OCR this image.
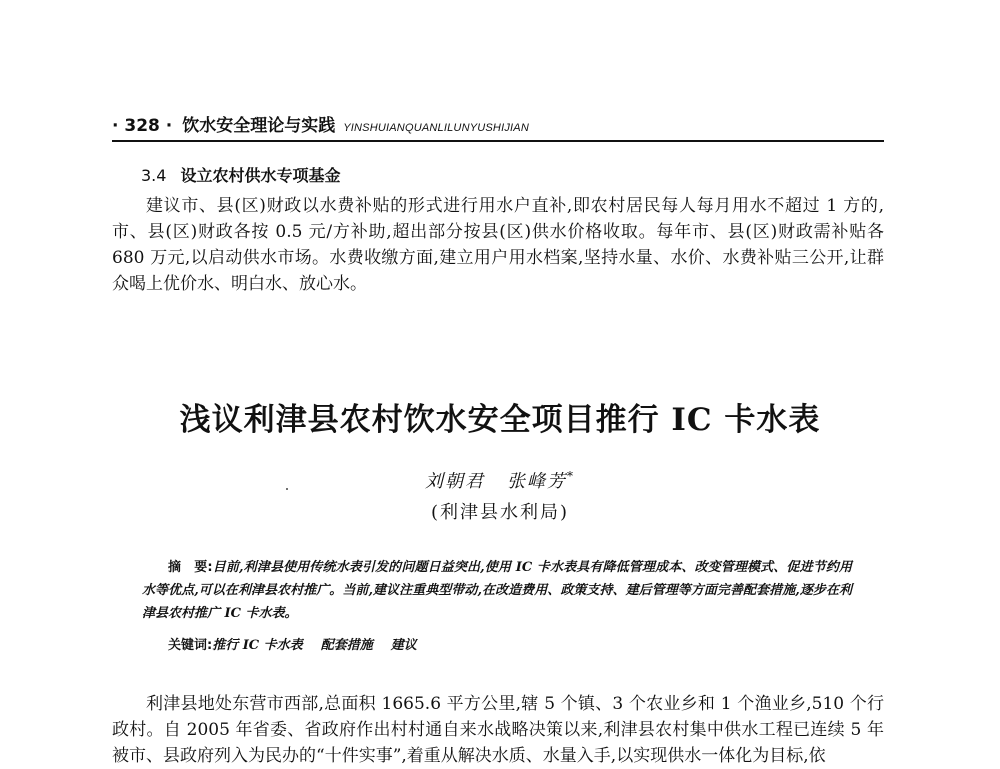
· 328 · 饮水安全理论与实践 YINSHUIANQUANLILUNYUSHIJIAN
3.4 设立农村供水专项基金

建议市、县(区)财政以水费补贴的形式进行用水户直补,即农村居民每人每月用水不超过 1 方的,市、县(区)财政各按 0.5 元/方补助,超出部分按县(区)供水价格收取。每年市、县(区)财政需补贴各 680 万元,以启动供水市场。水费收缴方面,建立用户用水档案,坚持水量、水价、水费补贴三公开,让群众喝上优价水、明白水、放心水。

浅议利津县农村饮水安全项目推行 IC 卡水表
刘朝君 张峰芳*
(利津县水利局)

摘　要:目前,利津县使用传统水表引发的问题日益突出,使用 IC 卡水表具有降低管理成本、改变管理模式、促进节约用水等优点,可以在利津县农村推广。当前,建议注重典型带动,在改造费用、政策支持、建后管理等方面完善配套措施,逐步在利津县农村推广 IC 卡水表。

关键词:推行 IC 卡水表 配套措施 建议

利津县地处东营市西部,总面积 1665.6 平方公里,辖 5 个镇、3 个农业乡和 1 个渔业乡,510 个行政村。自 2005 年省委、省政府作出村村通自来水战略决策以来,利津县农村集中供水工程已连续 5 年被市、县政府列入为民办的“十件实事”,着重从解决水质、水量入手,以实现供水一体化为目标,依
